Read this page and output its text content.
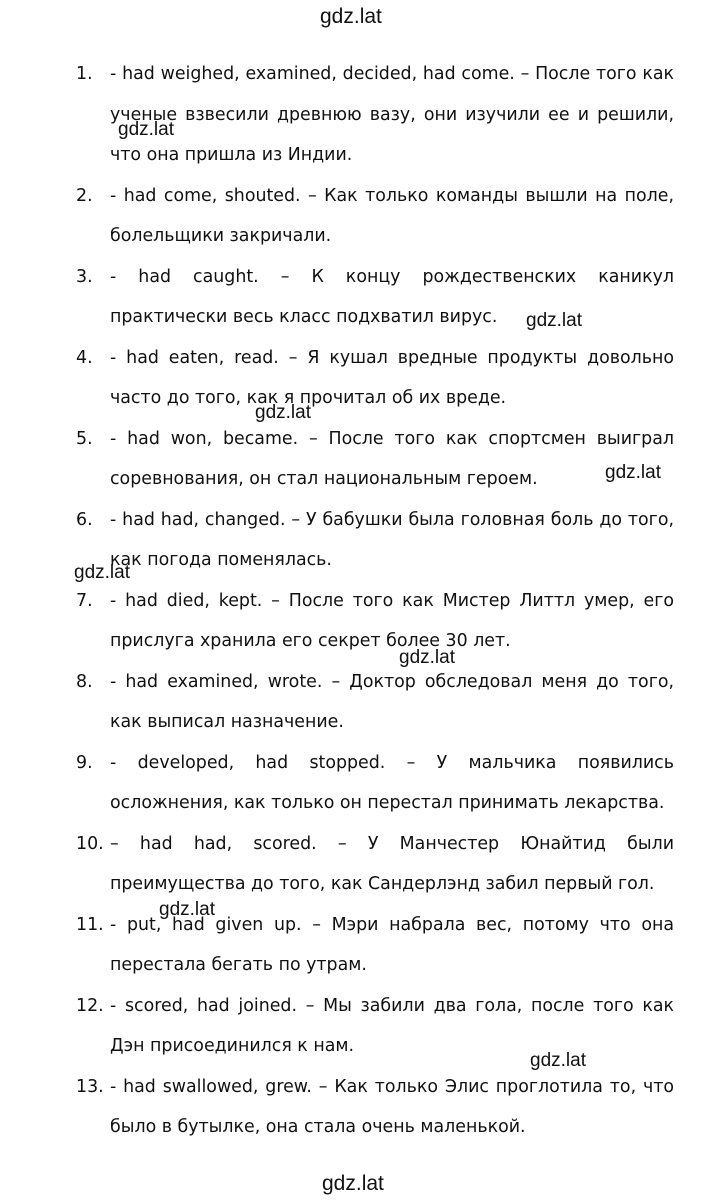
gdz.lat
1. - had weighed, examined, decided, had come. – После того как ученые взвесили древнюю вазу, они изучили ее и решили, что она пришла из Индии.
2. - had come, shouted. – Как только команды вышли на поле, болельщики закричали.
3. - had caught. – К концу рождественских каникул практически весь класс подхватил вирус.
4. - had eaten, read. – Я кушал вредные продукты довольно часто до того, как я прочитал об их вреде.
5. - had won, became. – После того как спортсмен выиграл соревнования, он стал национальным героем.
6. - had had, changed. – У бабушки была головная боль до того, как погода поменялась.
7. - had died, kept. – После того как Мистер Литтл умер, его прислуга хранила его секрет более 30 лет.
8. - had examined, wrote. – Доктор обследовал меня до того, как выписал назначение.
9. - developed, had stopped. – У мальчика появились осложнения, как только он перестал принимать лекарства.
10. – had had, scored. – У Манчестер Юнайтид были преимущества до того, как Сандерлэнд забил первый гол.
11. - put, had given up. – Мэри набрала вес, потому что она перестала бегать по утрам.
12. - scored, had joined. – Мы забили два гола, после того как Дэн присоединился к нам.
13. - had swallowed, grew. – Как только Элис проглотила то, что было в бутылке, она стала очень маленькой.
gdz.lat
gdz.lat
gdz.lat
gdz.lat
gdz.lat
gdz.lat
gdz.lat
gdz.lat
gdz.lat
